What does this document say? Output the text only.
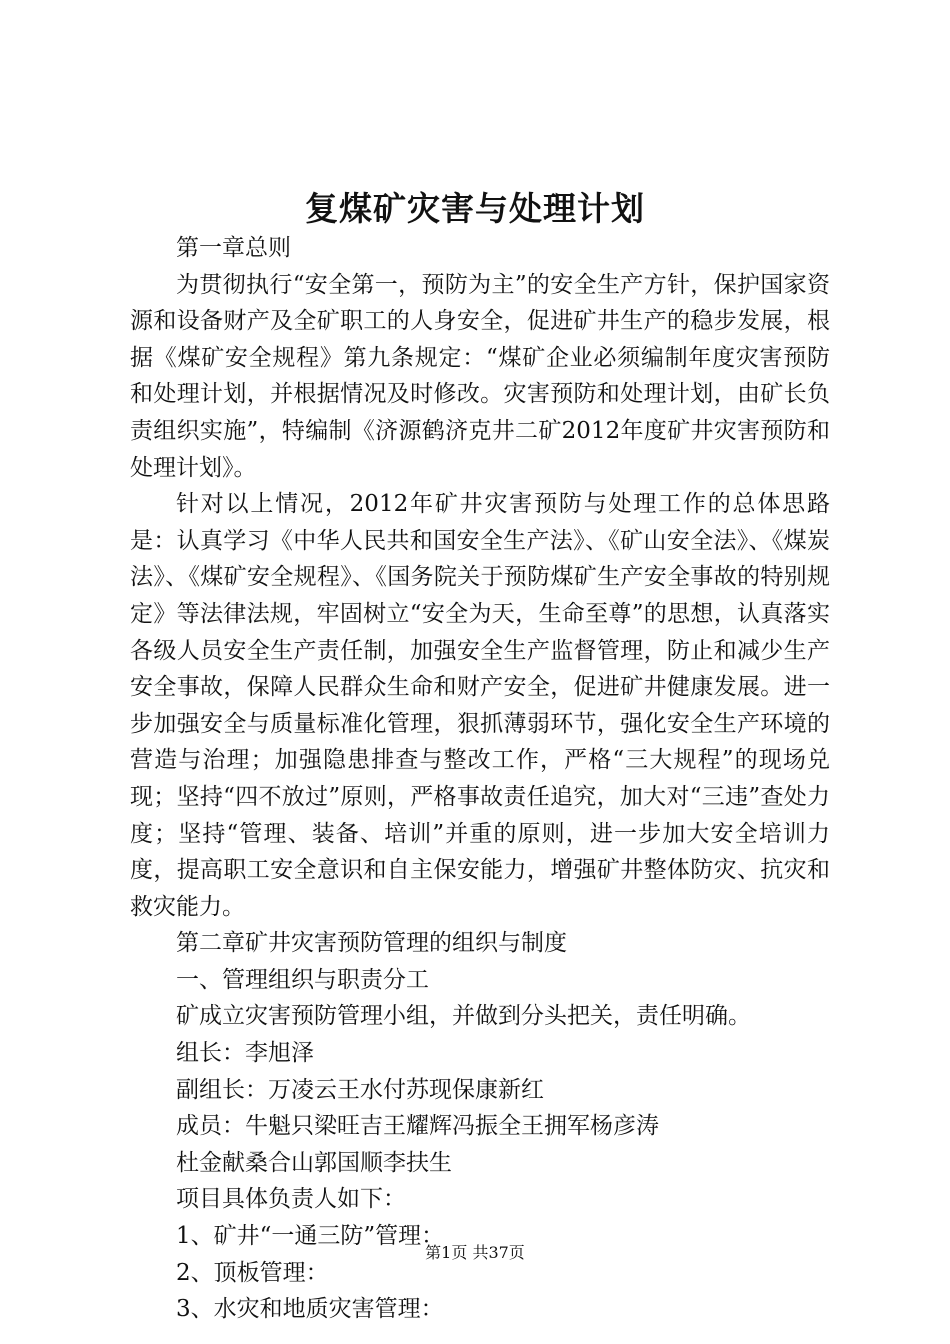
复煤矿灾害与处理计划

第一章总则

为贯彻执行“安全第一，预防为主”的安全生产方针，保护国家资源和设备财产及全矿职工的人身安全，促进矿井生产的稳步发展，根据《煤矿安全规程》第九条规定：“煤矿企业必须编制年度灾害预防和处理计划，并根据情况及时修改。灾害预防和处理计划，由矿长负责组织实施”，特编制《济源鹤济克井二矿2012年度矿井灾害预防和处理计划》。

针对以上情况，2012年矿井灾害预防与处理工作的总体思路是：认真学习《中华人民共和国安全生产法》、《矿山安全法》、《煤炭法》、《煤矿安全规程》、《国务院关于预防煤矿生产安全事故的特别规定》等法律法规，牢固树立“安全为天，生命至尊”的思想，认真落实各级人员安全生产责任制，加强安全生产监督管理，防止和减少生产安全事故，保障人民群众生命和财产安全，促进矿井健康发展。进一步加强安全与质量标准化管理，狠抓薄弱环节，强化安全生产环境的营造与治理；加强隐患排查与整改工作，严格“三大规程”的现场兑现；坚持“四不放过”原则，严格事故责任追究，加大对“三违”查处力度；坚持“管理、装备、培训”并重的原则，进一步加大安全培训力度，提高职工安全意识和自主保安能力，增强矿井整体防灾、抗灾和救灾能力。

第二章矿井灾害预防管理的组织与制度

一、管理组织与职责分工

矿成立灾害预防管理小组，并做到分头把关，责任明确。

组长：李旭泽

副组长：万凌云王水付苏现保康新红

成员：牛魁只梁旺吉王耀辉冯振全王拥军杨彦涛

杜金献桑合山郭国顺李扶生

项目具体负责人如下：

1、矿井“一通三防”管理：

2、顶板管理：

3、水灾和地质灾害管理：

第1页 共37页
